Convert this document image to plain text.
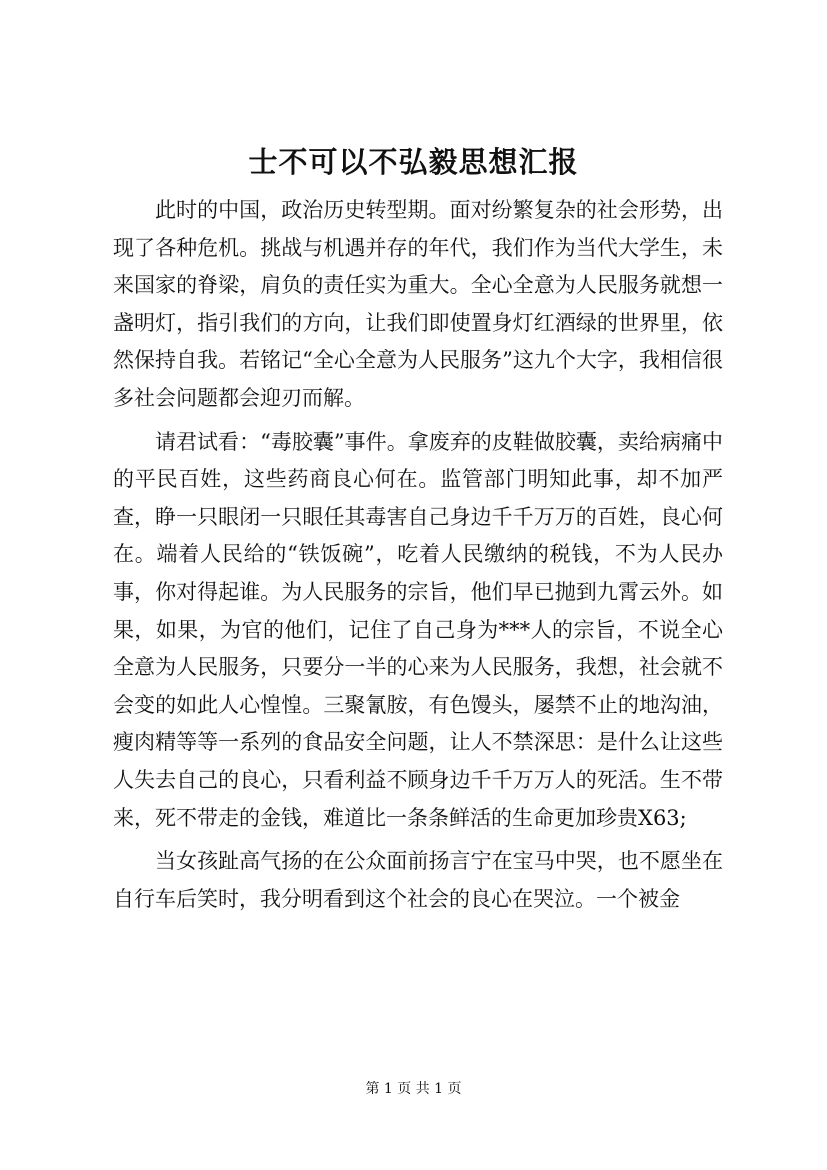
士不可以不弘毅思想汇报

此时的中国，政治历史转型期。面对纷繁复杂的社会形势，出现了各种危机。挑战与机遇并存的年代，我们作为当代大学生，未来国家的脊梁，肩负的责任实为重大。全心全意为人民服务就想一盏明灯，指引我们的方向，让我们即使置身灯红酒绿的世界里，依然保持自我。若铭记“全心全意为人民服务”这九个大字，我相信很多社会问题都会迎刃而解。

请君试看：“毒胶囊”事件。拿废弃的皮鞋做胶囊，卖给病痛中的平民百姓，这些药商良心何在。监管部门明知此事，却不加严查，睁一只眼闭一只眼任其毒害自己身边千千万万的百姓，良心何在。端着人民给的“铁饭碗”，吃着人民缴纳的税钱，不为人民办事，你对得起谁。为人民服务的宗旨，他们早已抛到九霄云外。如果，如果，为官的他们，记住了自己身为***人的宗旨，不说全心全意为人民服务，只要分一半的心来为人民服务，我想，社会就不会变的如此人心惶惶。三聚氰胺，有色馒头，屡禁不止的地沟油，瘦肉精等等一系列的食品安全问题，让人不禁深思：是什么让这些人失去自己的良心，只看利益不顾身边千千万万人的死活。生不带来，死不带走的金钱，难道比一条条鲜活的生命更加珍贵X63;

当女孩趾高气扬的在公众面前扬言宁在宝马中哭，也不愿坐在自行车后笑时，我分明看到这个社会的良心在哭泣。一个被金

第 1 页 共 1 页
